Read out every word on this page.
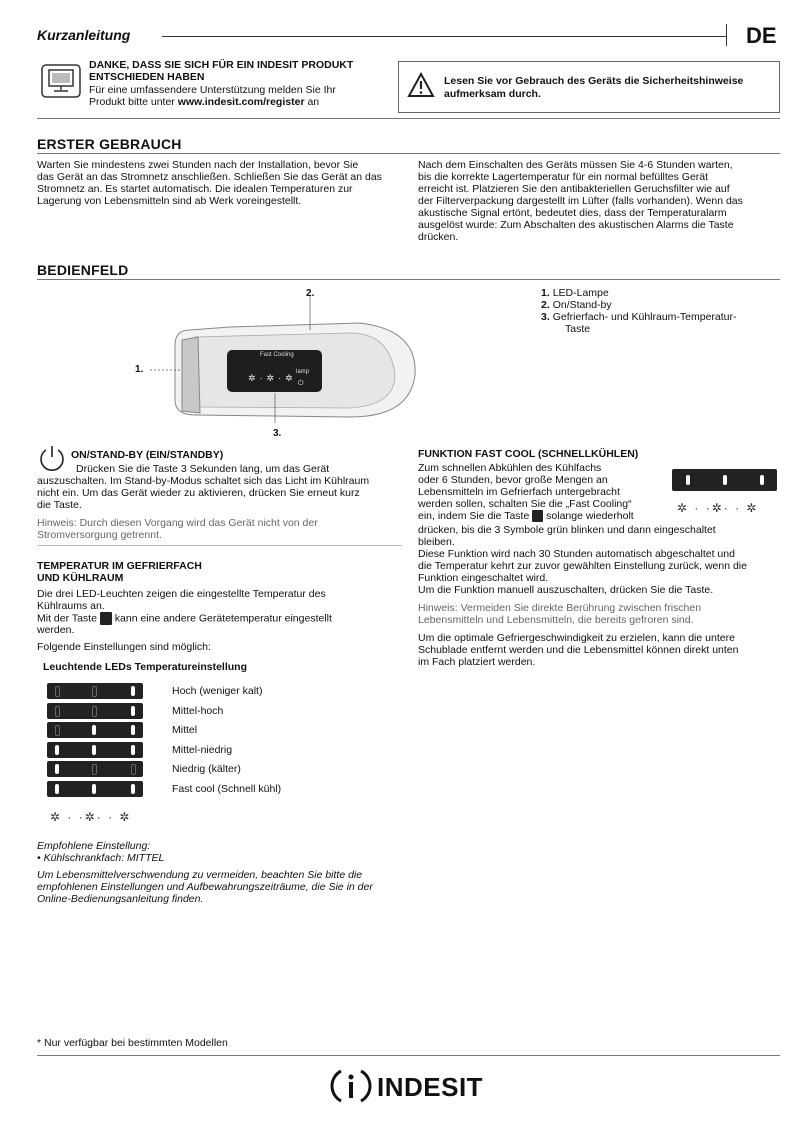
Kurzanleitung	DE
DANKE, DASS SIE SICH FÜR EIN INDESIT PRODUKT
ENTSCHIEDEN HABEN
Für eine umfassendere Unterstützung melden Sie Ihr
Produkt bitte unter www.indesit.com/register an
Lesen Sie vor Gebrauch des Geräts die Sicherheitshinweise
aufmerksam durch.
ERSTER GEBRAUCH
Warten Sie mindestens zwei Stunden nach der Installation, bevor Sie
das Gerät an das Stromnetz anschließen. Schließen Sie das Gerät an das
Stromnetz an. Es startet automatisch. Die idealen Temperaturen zur
Lagerung von Lebensmitteln sind ab Werk voreingestellt.
Nach dem Einschalten des Geräts müssen Sie 4-6 Stunden warten,
bis die korrekte Lagertemperatur für ein normal befülltes Gerät
erreicht ist. Platzieren Sie den antibakteriellen Geruchsfilter wie auf
der Filterverpackung dargestellt im Lüfter (falls vorhanden). Wenn das
akustische Signal ertönt, bedeutet dies, dass der Temperaturalarm
ausgelöst wurde: Zum Abschalten des akustischen Alarms die Taste
drücken.
BEDIENFELD
Fast Cooling
lamp
✲·✲·✲
⏻
1.
2.
3.
1. LED-Lampe
2. On/Stand-by
3. Gefrierfach- und Kühlraum-Temperatur-
Taste
ON/STAND-BY (EIN/STANDBY)
Drücken Sie die Taste 3 Sekunden lang, um das Gerät
auszuschalten. Im Stand-by-Modus schaltet sich das Licht im Kühlraum
nicht ein. Um das Gerät wieder zu aktivieren, drücken Sie erneut kurz
die Taste.
Hinweis: Durch diesen Vorgang wird das Gerät nicht von der
Stromversorgung getrennt.
TEMPERATUR IM GEFRIERFACH
UND KÜHLRAUM
Die drei LED-Leuchten zeigen die eingestellte Temperatur des
Kühlraums an.
Mit der Taste kann eine andere Gerätetemperatur eingestellt
werden.
Folgende Einstellungen sind möglich:
Leuchtende LEDs Temperatureinstellung
Hoch (weniger kalt)
Mittel-hoch
Mittel
Mittel-niedrig
Niedrig (kälter)
Fast cool (Schnell kühl)
✲ · ·✲· · ✲
Empfohlene Einstellung:
• Kühlschrankfach: MITTEL
Um Lebensmittelverschwendung zu vermeiden, beachten Sie bitte die
empfohlenen Einstellungen und Aufbewahrungszeiträume, die Sie in der
Online-Bedienungsanleitung finden.
FUNKTION FAST COOL (SCHNELLKÜHLEN)
Zum schnellen Abkühlen des Kühlfachs
oder 6 Stunden, bevor große Mengen an
Lebensmitteln im Gefrierfach untergebracht
werden sollen, schalten Sie die „Fast Cooling“
ein, indem Sie die Taste solange wiederholt
drücken, bis die 3 Symbole grün blinken und dann eingeschaltet
bleiben.
Diese Funktion wird nach 30 Stunden automatisch abgeschaltet und
die Temperatur kehrt zur zuvor gewählten Einstellung zurück, wenn die
Funktion eingeschaltet wird.
Um die Funktion manuell auszuschalten, drücken Sie die Taste.
✲ · ·✲· · ✲
Hinweis: Vermeiden Sie direkte Berührung zwischen frischen
Lebensmitteln und Lebensmitteln, die bereits gefroren sind.
Um die optimale Gefriergeschwindigkeit zu erzielen, kann die untere
Schublade entfernt werden und die Lebensmittel können direkt unten
im Fach platziert werden.
* Nur verfügbar bei bestimmten Modellen
INDESIT
